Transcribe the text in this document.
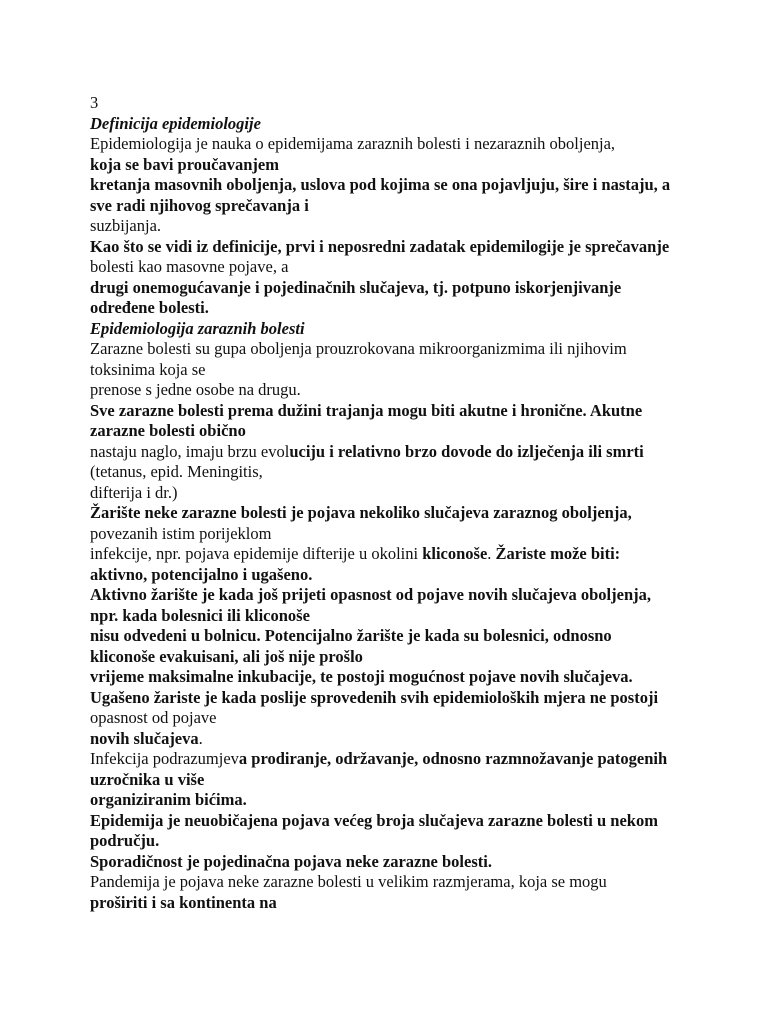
3
Definicija epidemiologije
Epidemiologija je nauka o epidemijama zaraznih bolesti i nezaraznih oboljenja,
koja se bavi proučavanjem
kretanja masovnih oboljenja, uslova pod kojima se ona pojavljuju, šire i nastaju, a
sve radi njihovog sprečavanja i
suzbijanja.
Kao što se vidi iz definicije, prvi i neposredni zadatak epidemilogije je sprečavanje
bolesti kao masovne pojave, a
drugi onemogućavanje i pojedinačnih slučajeva, tj. potpuno iskorjenjivanje
određene bolesti.
Epidemiologija zaraznih bolesti
Zarazne bolesti su gupa oboljenja prouzrokovana mikroorganizmima ili njihovim
toksinima koja se
prenose s jedne osobe na drugu.
Sve zarazne bolesti prema dužini trajanja mogu biti akutne i hronične. Akutne
zarazne bolesti obično
nastaju naglo, imaju brzu evoluciju i relativno brzo dovode do izlječenja ili smrti
(tetanus, epid. Meningitis,
difterija i dr.)
Žarište neke zarazne bolesti je pojava nekoliko slučajeva zaraznog oboljenja,
povezanih istim porijeklom
infekcije, npr. pojava epidemije difterije u okolini kliconoše. Žariste može biti:
aktivno, potencijalno i ugašeno.
Aktivno žarište je kada još prijeti opasnost od pojave novih slučajeva oboljenja,
npr. kada bolesnici ili kliconoše
nisu odvedeni u bolnicu. Potencijalno žarište je kada su bolesnici, odnosno
kliconoše evakuisani, ali još nije prošlo
vrijeme maksimalne inkubacije, te postoji mogućnost pojave novih slučajeva.
Ugašeno žariste je kada poslije sprovedenih svih epidemioloških mjera ne postoji
opasnost od pojave
novih slučajeva.
Infekcija podrazumjeva prodiranje, održavanje, odnosno razmnožavanje patogenih
uzročnika u više
organiziranim bićima.
Epidemija je neuobičajena pojava većeg broja slučajeva zarazne bolesti u nekom
području.
Sporadičnost je pojedinačna pojava neke zarazne bolesti.
Pandemija je pojava neke zarazne bolesti u velikim razmjerama, koja se mogu
proširiti i sa kontinenta na
